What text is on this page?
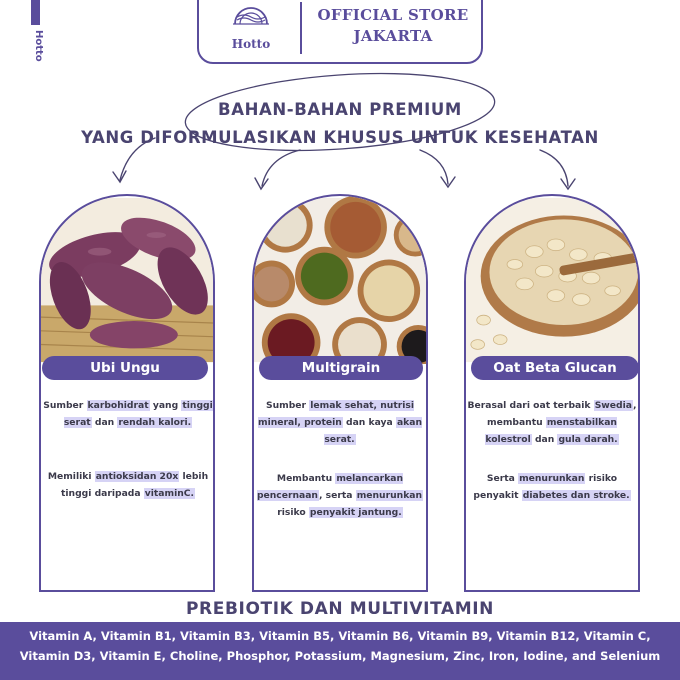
Hotto	Hotto
OFFICIAL STORE
JAKARTA
BAHAN-BAHAN PREMIUM
YANG DIFORMULASIKAN KHUSUS UNTUK KESEHATAN
Ubi Ungu
Sumber karbohidrat yang tinggi serat dan rendah kalori.
Memiliki antioksidan 20x lebih tinggi daripada vitaminC.
Multigrain
Sumber lemak sehat, nutrisi mineral, protein dan kaya akan serat.
Membantu melancarkan pencernaan, serta menurunkan risiko penyakit jantung.
Oat Beta Glucan
Berasal dari oat terbaik Swedia, membantu menstabilkan kolestrol dan gula darah.
Serta menurunkan risiko penyakit diabetes dan stroke.
PREBIOTIK DAN MULTIVITAMIN
Vitamin A, Vitamin B1, Vitamin B3, Vitamin B5, Vitamin B6, Vitamin B9, Vitamin B12, Vitamin C,
Vitamin D3, Vitamin E, Choline, Phosphor, Potassium, Magnesium, Zinc, Iron, Iodine, and Selenium
